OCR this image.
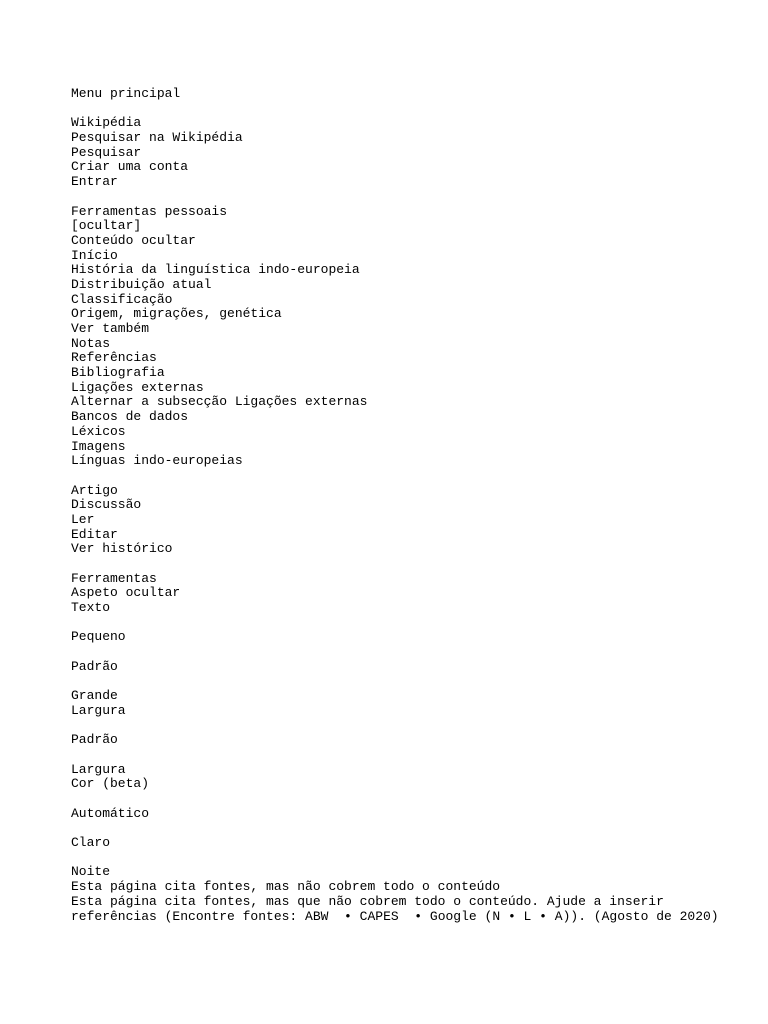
Menu principal
Wikipédia
Pesquisar na Wikipédia
Pesquisar
Criar uma conta
Entrar
Ferramentas pessoais
[ocultar]
Conteúdo ocultar
Início
História da linguística indo-europeia
Distribuição atual
Classificação
Origem, migrações, genética
Ver também
Notas
Referências
Bibliografia
Ligações externas
Alternar a subsecção Ligações externas
Bancos de dados
Léxicos
Imagens
Línguas indo-europeias
Artigo
Discussão
Ler
Editar
Ver histórico
Ferramentas
Aspeto ocultar
Texto
Pequeno
Padrão
Grande
Largura
Padrão
Largura
Cor (beta)
Automático
Claro
Noite
Esta página cita fontes, mas não cobrem todo o conteúdo
Esta página cita fontes, mas que não cobrem todo o conteúdo. Ajude a inserir
referências (Encontre fontes: ABW  • CAPES  • Google (N • L • A)). (Agosto de 2020)
